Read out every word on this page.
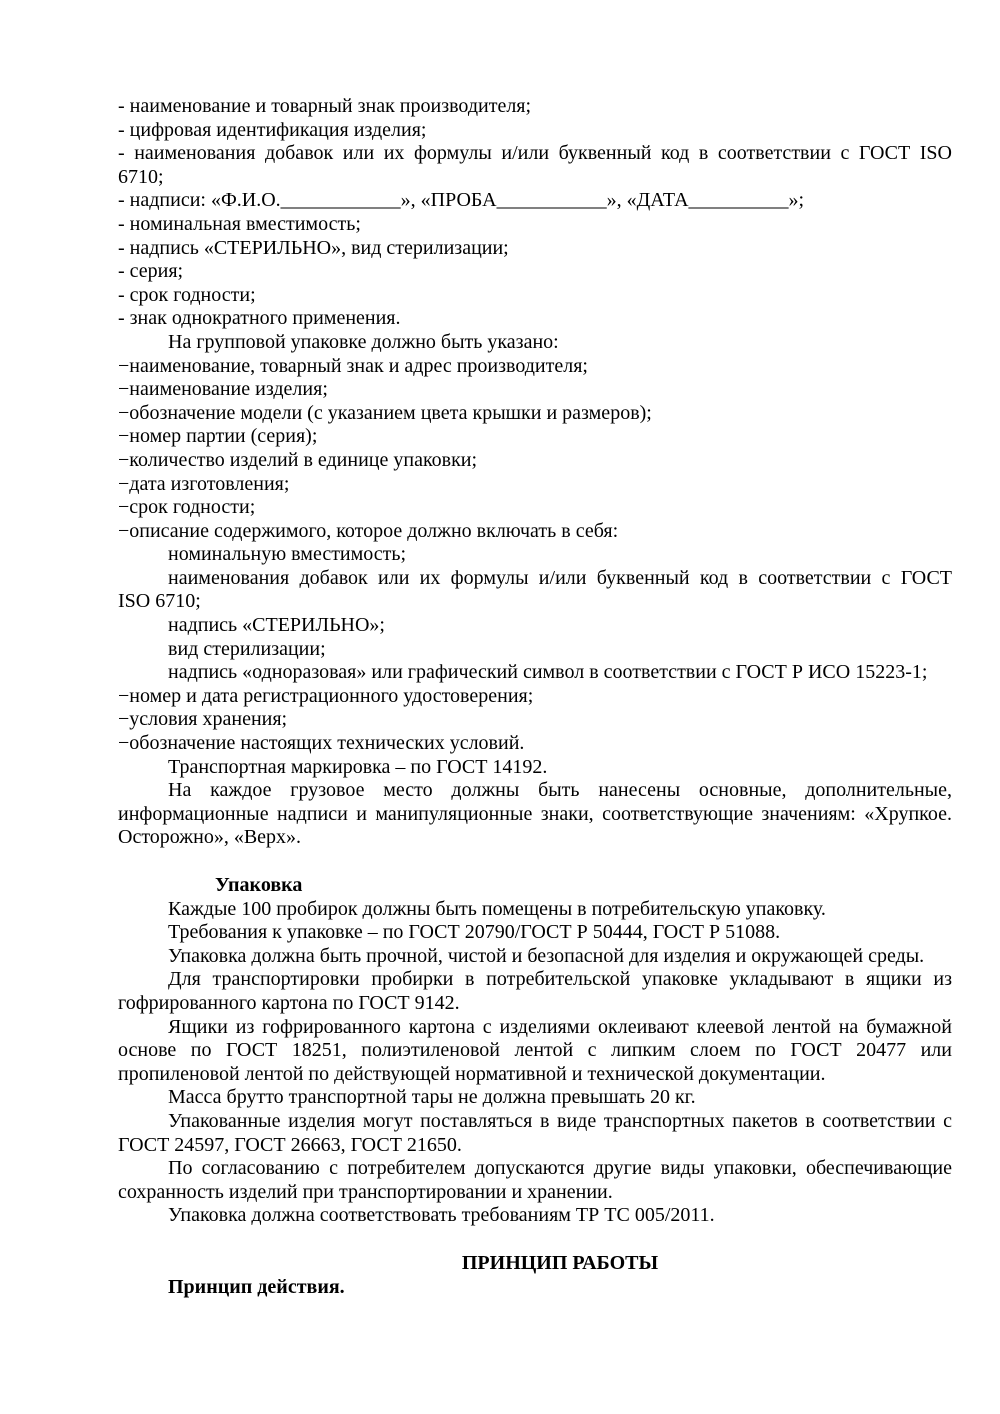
- наименование и товарный знак производителя;
- цифровая идентификация изделия;
- наименования добавок или их формулы и/или буквенный код в соответствии с ГОСТ ISO
6710;
- надписи: «Ф.И.О.____________», «ПРОБА___________», «ДАТА__________»;
- номинальная вместимость;
- надпись «СТЕРИЛЬНО», вид стерилизации;
- серия;
- срок годности;
- знак однократного применения.
На групповой упаковке должно быть указано:
−наименование, товарный знак и адрес производителя;
−наименование изделия;
−обозначение модели (с указанием цвета крышки и размеров);
−номер партии (серия);
−количество изделий в единице упаковки;
−дата изготовления;
−срок годности;
−описание содержимого, которое должно включать в себя:
номинальную вместимость;
наименования добавок или их формулы и/или буквенный код в соответствии с ГОСТ
ISO 6710;
надпись «СТЕРИЛЬНО»;
вид стерилизации;
надпись «одноразовая» или графический символ в соответствии с ГОСТ Р ИСО 15223-1;
−номер и дата регистрационного удостоверения;
−условия хранения;
−обозначение настоящих технических условий.
Транспортная маркировка – по ГОСТ 14192.
На каждое грузовое место должны быть нанесены основные, дополнительные,
информационные надписи и манипуляционные знаки, соответствующие значениям: «Хрупкое.
Осторожно», «Верх».
Упаковка
Каждые 100 пробирок должны быть помещены в потребительскую упаковку.
Требования к упаковке – по ГОСТ 20790/ГОСТ Р 50444, ГОСТ Р 51088.
Упаковка должна быть прочной, чистой и безопасной для изделия и окружающей среды.
Для транспортировки пробирки в потребительской упаковке укладывают в ящики из
гофрированного картона по ГОСТ 9142.
Ящики из гофрированного картона с изделиями оклеивают клеевой лентой на бумажной
основе по ГОСТ 18251, полиэтиленовой лентой с липким слоем по ГОСТ 20477 или
пропиленовой лентой по действующей нормативной и технической документации.
Масса брутто транспортной тары не должна превышать 20 кг.
Упакованные изделия могут поставляться в виде транспортных пакетов в соответствии с
ГОСТ 24597, ГОСТ 26663, ГОСТ 21650.
По согласованию с потребителем допускаются другие виды упаковки, обеспечивающие
сохранность изделий при транспортировании и хранении.
Упаковка должна соответствовать требованиям ТР ТС 005/2011.
ПРИНЦИП РАБОТЫ
Принцип действия.
